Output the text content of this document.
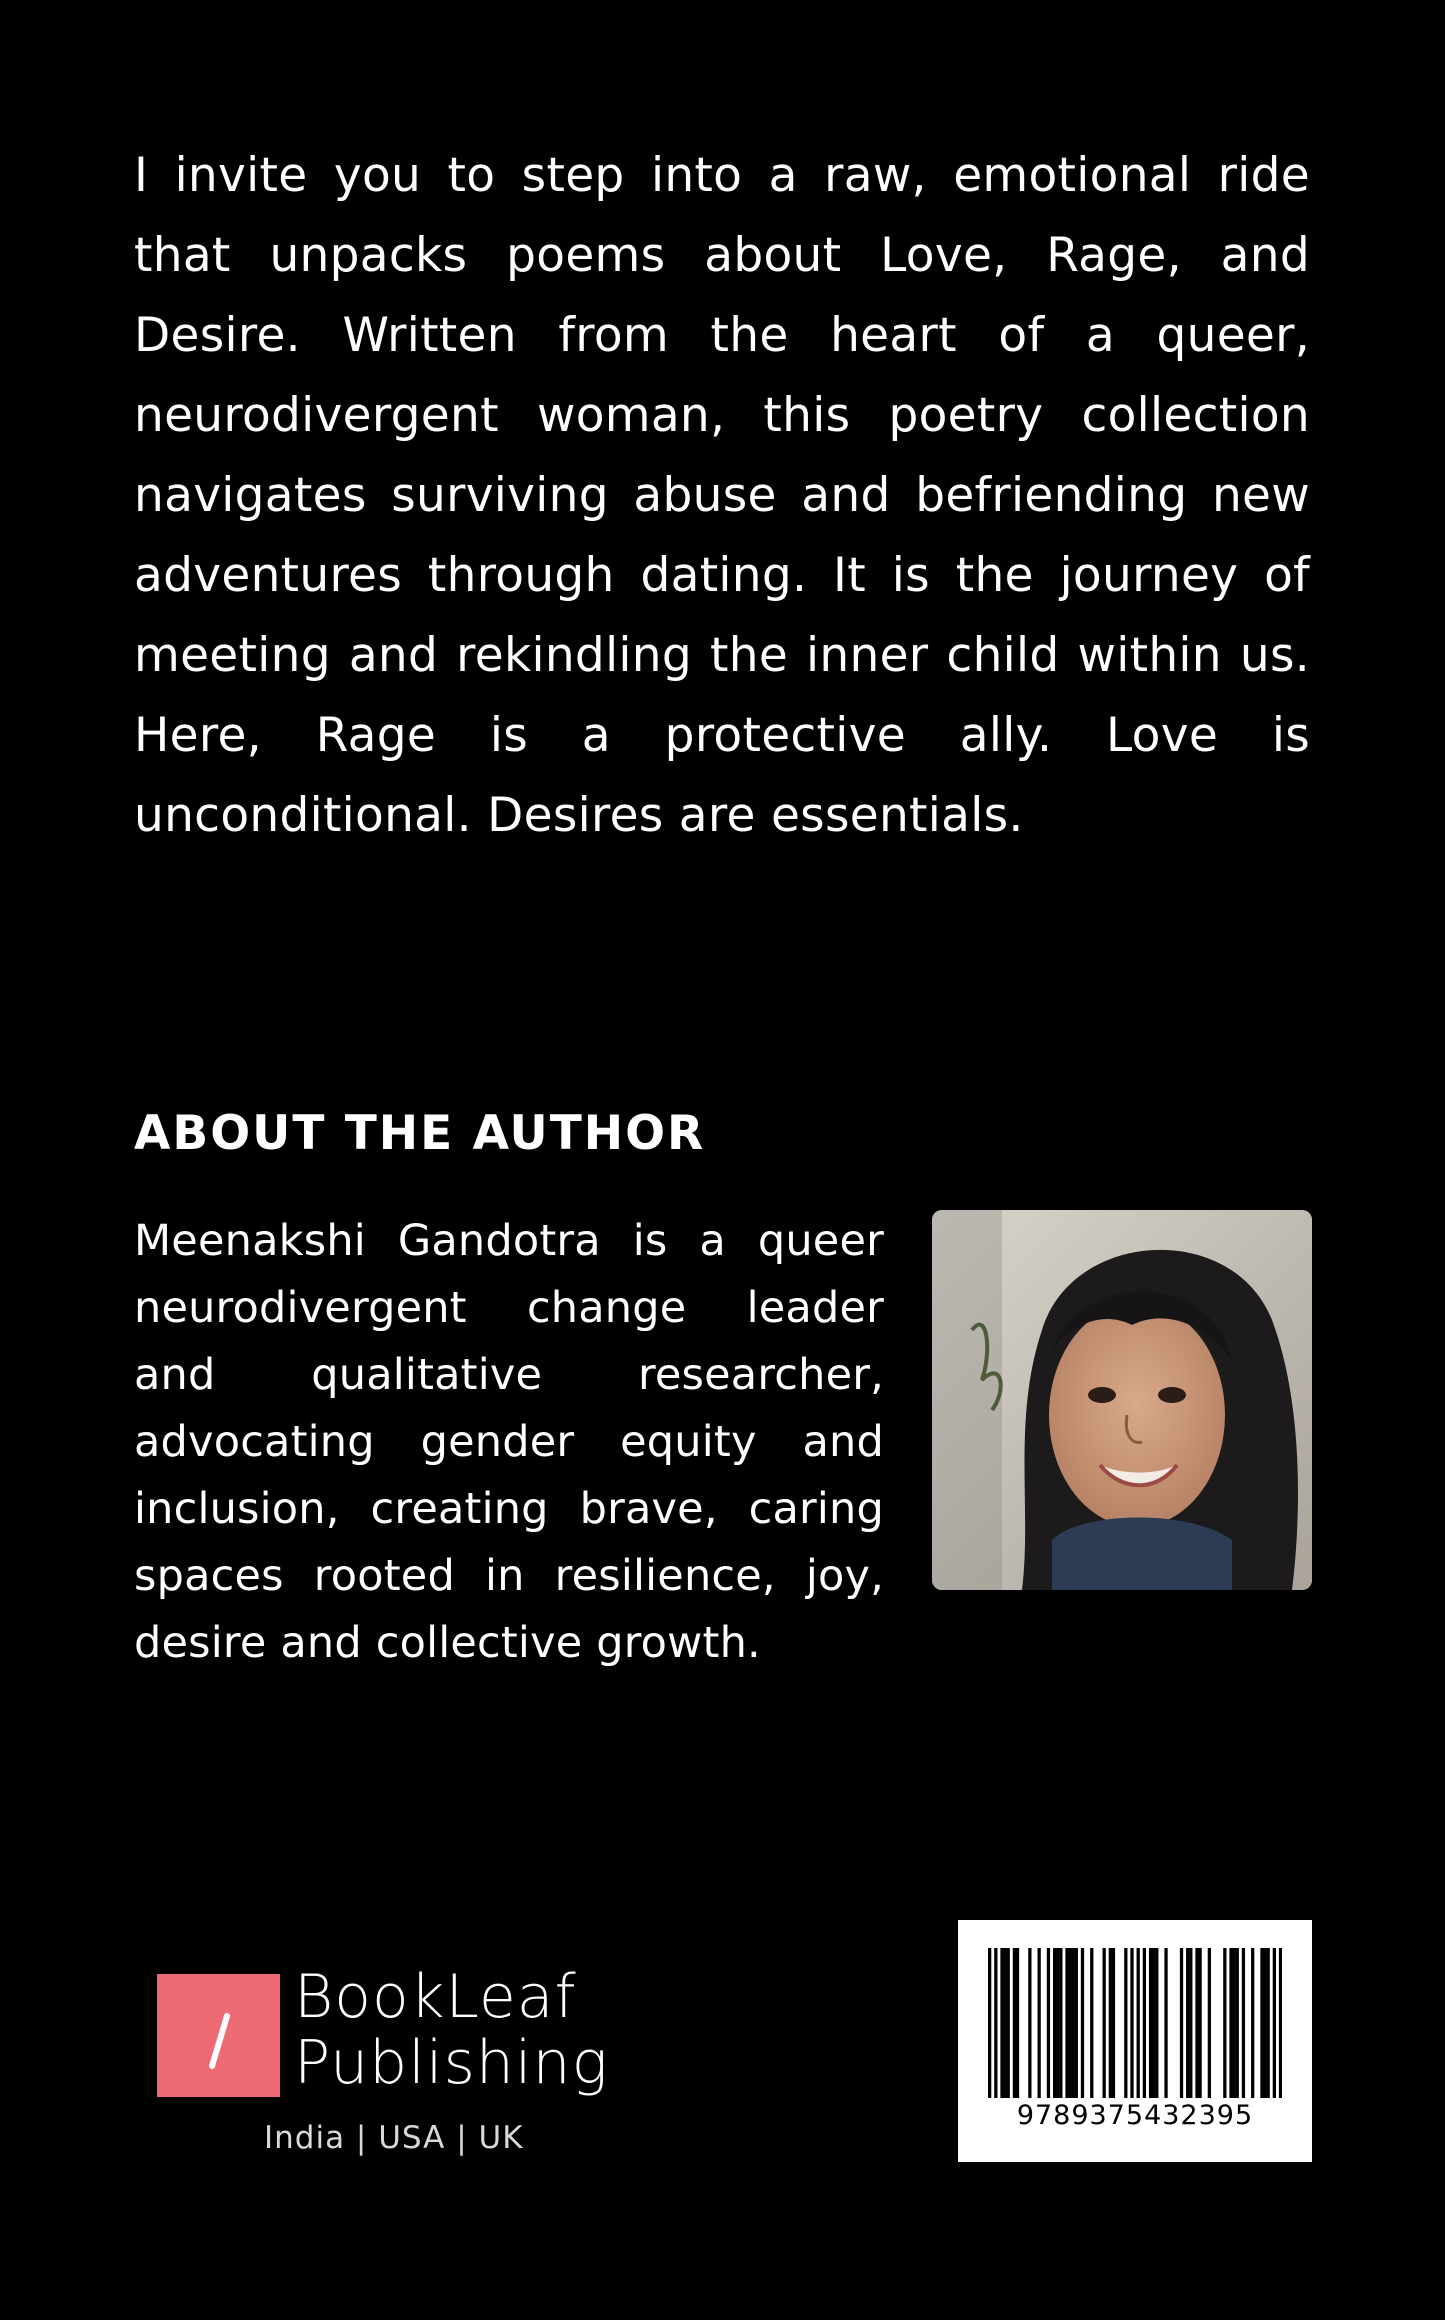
I invite you to step into a raw, emotional ride that unpacks poems about Love, Rage, and Desire. Written from the heart of a queer, neurodivergent woman, this poetry collection navigates surviving abuse and befriending new adventures through dating. It is the journey of meeting and rekindling the inner child within us. Here, Rage is a protective ally. Love is unconditional. Desires are essentials.
ABOUT THE AUTHOR
Meenakshi Gandotra is a queer neurodivergent change leader and qualitative researcher, advocating gender equity and inclusion, creating brave, caring spaces rooted in resilience, joy, desire and collective growth.
BookLeaf
Publishing
India | USA | UK
9789375432395
